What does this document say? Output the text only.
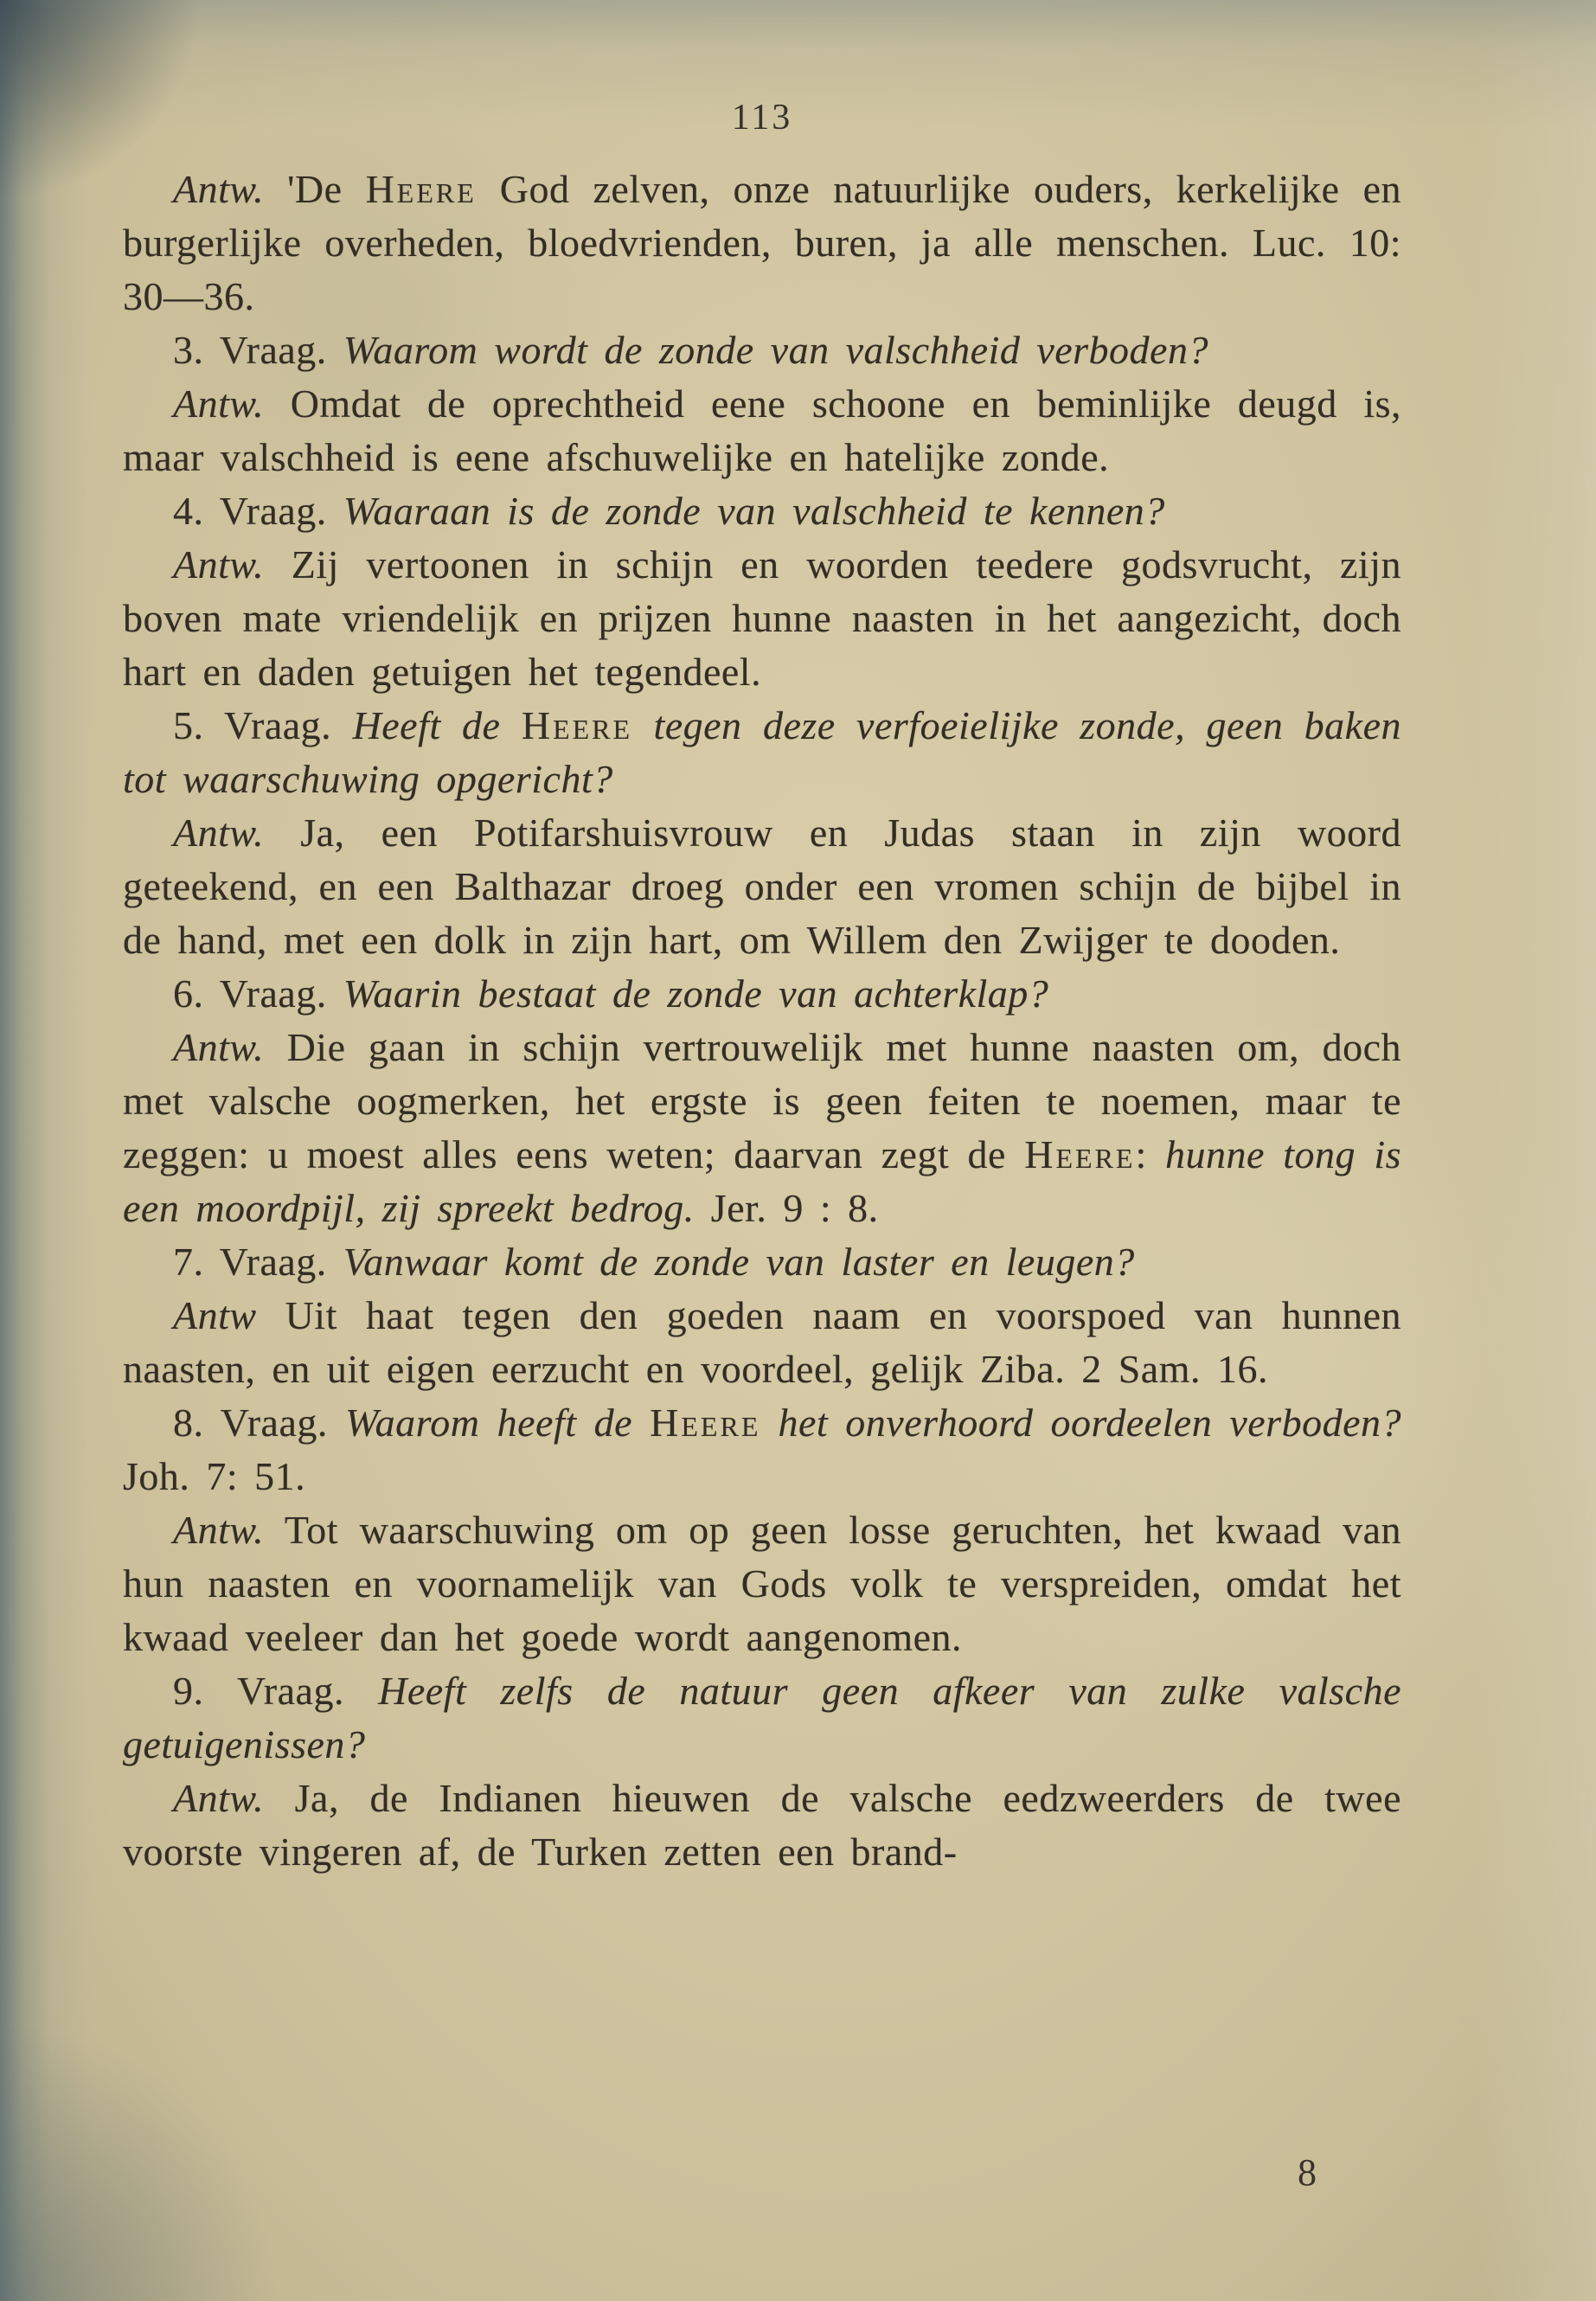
113

Antw. 'De Heere God zelven, onze natuurlijke ouders, kerkelijke en burgerlijke overheden, bloedvrienden, buren, ja alle menschen. Luc. 10: 30—36.

3. Vraag. Waarom wordt de zonde van valschheid verboden?

Antw. Omdat de oprechtheid eene schoone en beminlijke deugd is, maar valschheid is eene afschuwelijke en hatelijke zonde.

4. Vraag. Waaraan is de zonde van valschheid te kennen?

Antw. Zij vertoonen in schijn en woorden teedere godsvrucht, zijn boven mate vriendelijk en prijzen hunne naasten in het aangezicht, doch hart en daden getuigen het tegendeel.

5. Vraag. Heeft de Heere tegen deze verfoeielijke zonde, geen baken tot waarschuwing opgericht?

Antw. Ja, een Potifarshuisvrouw en Judas staan in zijn woord geteekend, en een Balthazar droeg onder een vromen schijn de bijbel in de hand, met een dolk in zijn hart, om Willem den Zwijger te dooden.

6. Vraag. Waarin bestaat de zonde van achterklap?

Antw. Die gaan in schijn vertrouwelijk met hunne naasten om, doch met valsche oogmerken, het ergste is geen feiten te noemen, maar te zeggen: u moest alles eens weten; daarvan zegt de Heere: hunne tong is een moordpijl, zij spreekt bedrog. Jer. 9 : 8.

7. Vraag. Vanwaar komt de zonde van laster en leugen?

Antw Uit haat tegen den goeden naam en voorspoed van hunnen naasten, en uit eigen eerzucht en voordeel, gelijk Ziba. 2 Sam. 16.

8. Vraag. Waarom heeft de Heere het onverhoord oordeelen verboden? Joh. 7: 51.

Antw. Tot waarschuwing om op geen losse geruchten, het kwaad van hun naasten en voornamelijk van Gods volk te verspreiden, omdat het kwaad veeleer dan het goede wordt aangenomen.

9. Vraag. Heeft zelfs de natuur geen afkeer van zulke valsche getuigenissen?

Antw. Ja, de Indianen hieuwen de valsche eedzweerders de twee voorste vingeren af, de Turken zetten een brand-

8
